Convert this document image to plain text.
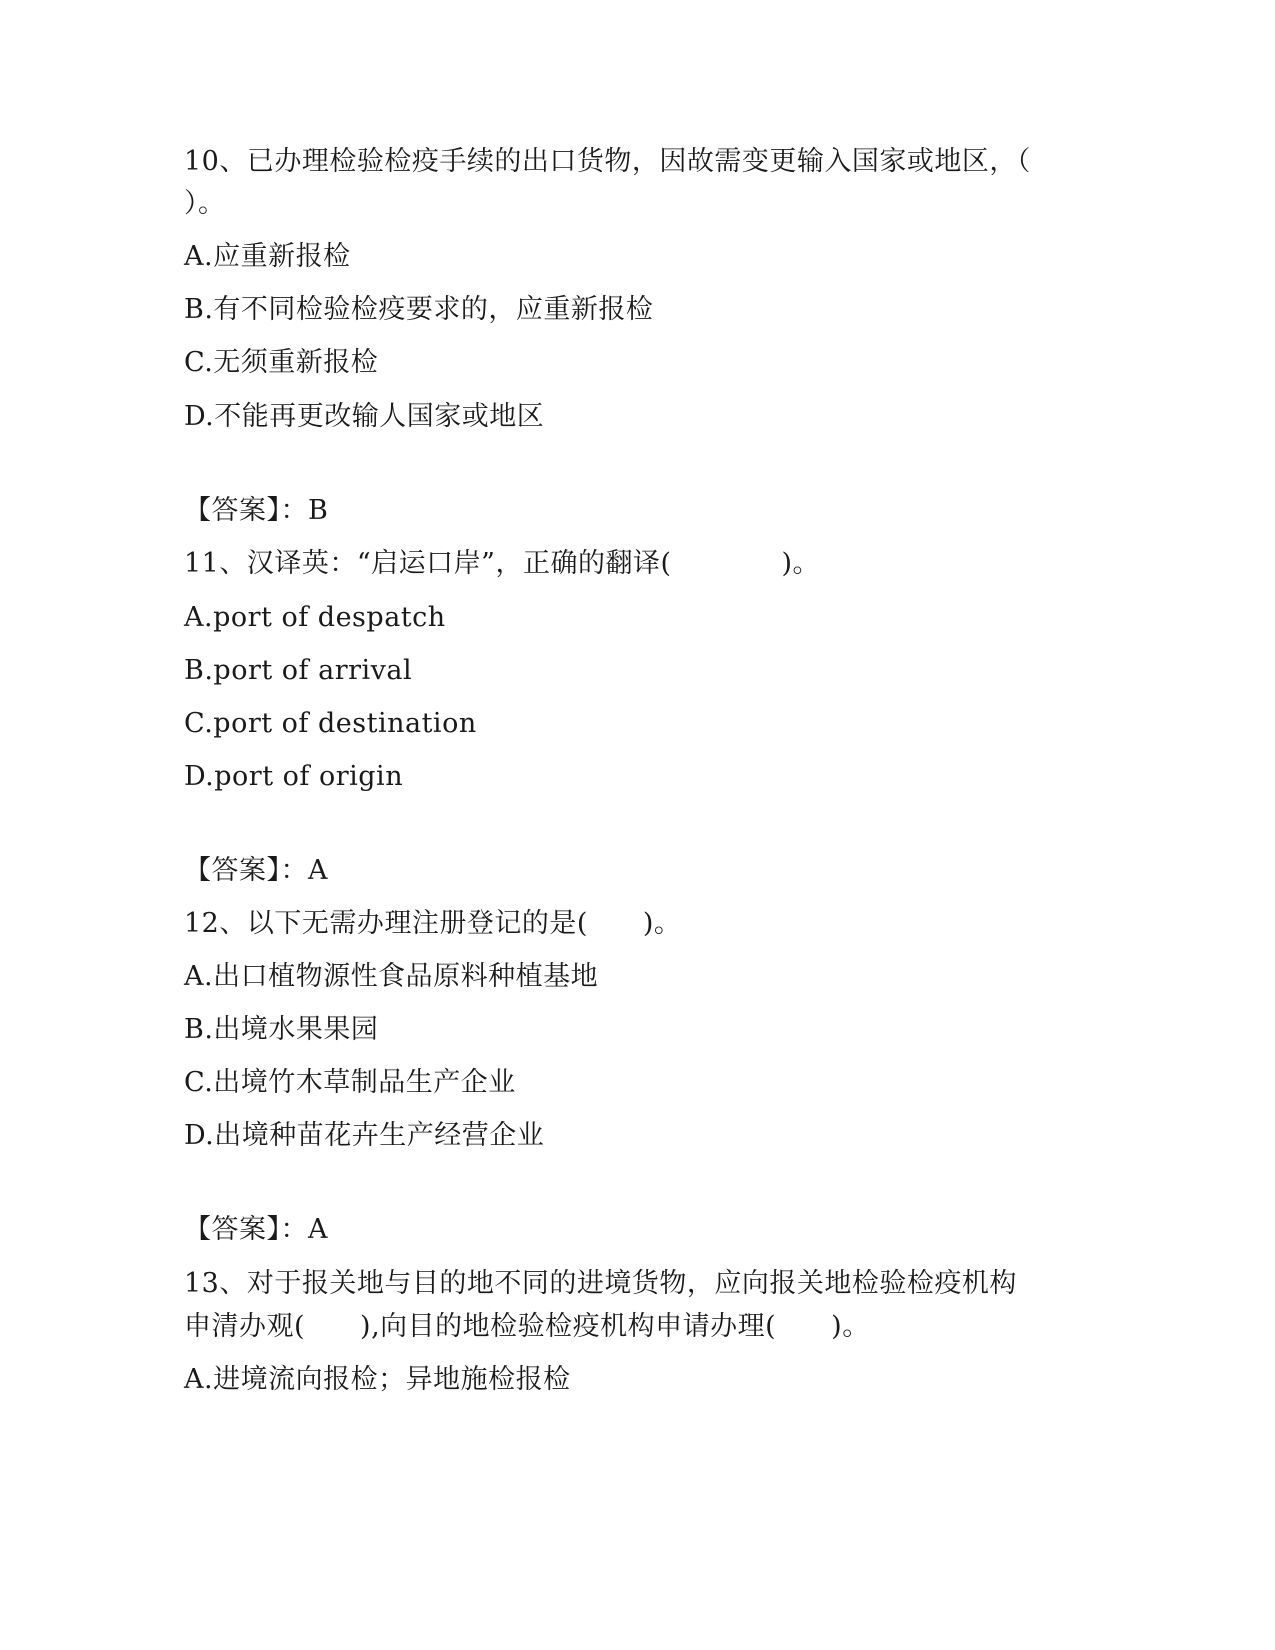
10、已办理检验检疫手续的出口货物，因故需变更输入国家或地区，（
）。
A.应重新报检
B.有不同检验检疫要求的，应重新报检
C.无须重新报检
D.不能再更改输人国家或地区
【答案】：B
11、汉译英：“启运口岸”，正确的翻译(　　　　)。
A.port of despatch
B.port of arrival
C.port of destination
D.port of origin
【答案】：A
12、以下无需办理注册登记的是(　　)。
A.出口植物源性食品原料种植基地
B.出境水果果园
C.出境竹木草制品生产企业
D.出境种苗花卉生产经营企业
【答案】：A
13、对于报关地与目的地不同的进境货物，应向报关地检验检疫机构
申清办观(　　),向目的地检验检疫机构申请办理(　　)。
A.进境流向报检；异地施检报检
